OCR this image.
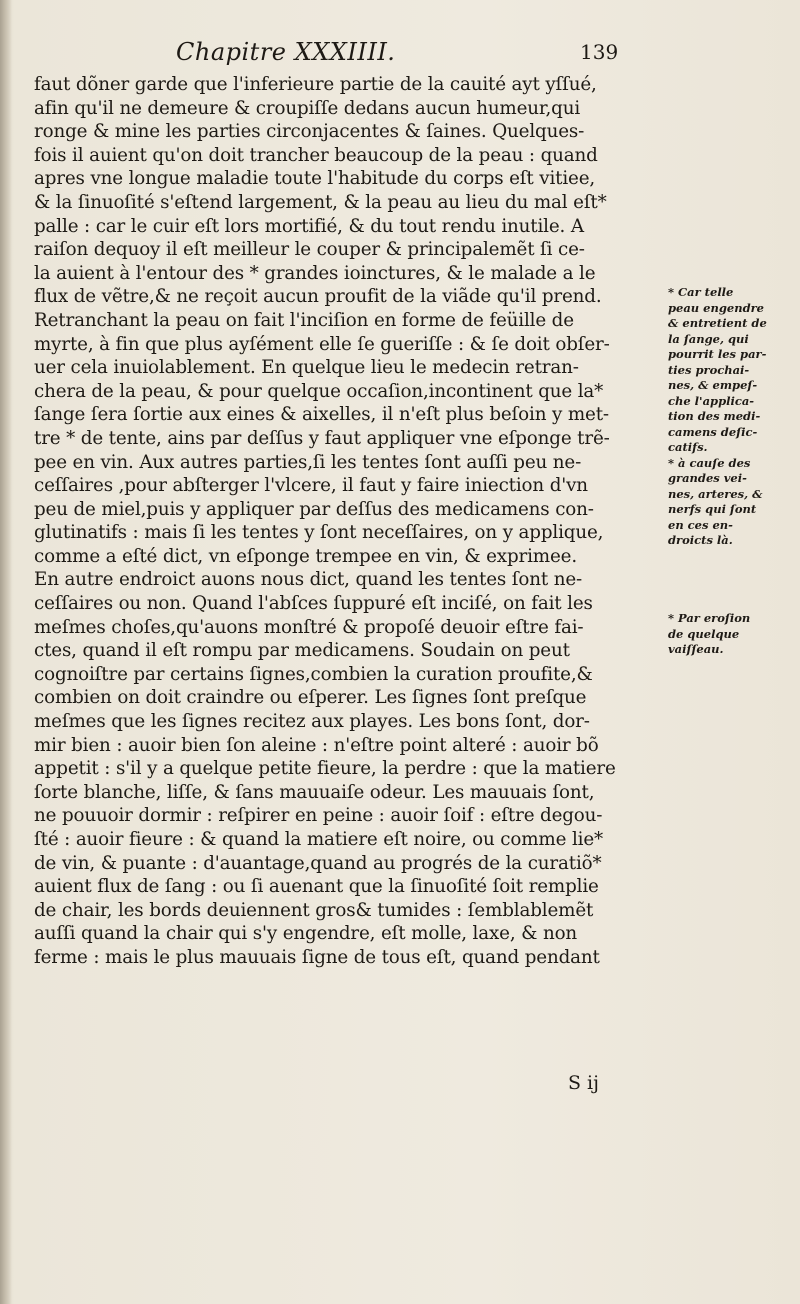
Chapitre XXXIIII.	139
faut dõner garde que l'inferieure partie de la cauité ayt yſſué,
afin qu'il ne demeure & croupiſſe dedans aucun humeur,qui
ronge & mine les parties circonjacentes & ſaines. Quelques-
fois il auient qu'on doit trancher beaucoup de la peau : quand
apres vne longue maladie toute l'habitude du corps eſt vitiee,
& la ſinuoſité s'eſtend largement, & la peau au lieu du mal eſt*
palle : car le cuir eſt lors mortifié, & du tout rendu inutile. A
raiſon dequoy il eſt meilleur le couper & principalemẽt ſi ce-
la auient à l'entour des * grandes ioinctures, & le malade a le
flux de vẽtre,& ne reçoit aucun proufit de la viãde qu'il prend.
Retranchant la peau on fait l'inciſion en forme de feüille de
myrte, à fin que plus ayſément elle ſe gueriſſe : & ſe doit obſer-
uer cela inuiolablement. En quelque lieu le medecin retran-
chera de la peau, & pour quelque occaſion,incontinent que la*
ſange ſera ſortie aux eines & aixelles, il n'eſt plus beſoin y met-
tre * de tente, ains par deſſus y faut appliquer vne eſponge trẽ-
pee en vin. Aux autres parties,ſi les tentes ſont auſſi peu ne-
ceſſaires ,pour abſterger l'vlcere, il faut y faire iniection d'vn
peu de miel,puis y appliquer par deſſus des medicamens con-
glutinatifs : mais ſi les tentes y ſont neceſſaires, on y applique,
comme a eſté dict, vn eſponge trempee en vin, & exprimee.
En autre endroict auons nous dict, quand les tentes ſont ne-
ceſſaires ou non. Quand l'abſces ſuppuré eſt inciſé, on fait les
meſmes choſes,qu'auons monſtré & propoſé deuoir eſtre fai-
ctes, quand il eſt rompu par medicamens. Soudain on peut
cognoiſtre par certains ſignes,combien la curation proufite,&
combien on doit craindre ou eſperer. Les ſignes ſont preſque
meſmes que les ſignes recitez aux playes. Les bons ſont, dor-
mir bien : auoir bien ſon aleine : n'eſtre point alteré : auoir bõ
appetit : s'il y a quelque petite fieure, la perdre : que la matiere
ſorte blanche, liſſe, & ſans mauuaiſe odeur. Les mauuais ſont,
ne pouuoir dormir : reſpirer en peine : auoir ſoif : eſtre degou-
ſté : auoir fieure : & quand la matiere eſt noire, ou comme lie*
de vin, & puante : d'auantage,quand au progrés de la curatiõ*
auient flux de ſang : ou ſi auenant que la ſinuoſité ſoit remplie
de chair, les bords deuiennent gros& tumides : ſemblablemẽt
auſſi quand la chair qui s'y engendre, eſt molle, laxe, & non
ferme : mais le plus mauuais ſigne de tous eſt, quand pendant
* Car telle
peau engendre
& entretient de
la ſange, qui
pourrit les par-
ties prochai-
nes, & empeſ-
che l'applica-
tion des medi-
camens deſic-
catifs.
* à cauſe des
grandes vei-
nes, arteres, &
nerfs qui ſont
en ces en-
droicts là.
* Par eroſion
de quelque
vaiſſeau.
S ij
